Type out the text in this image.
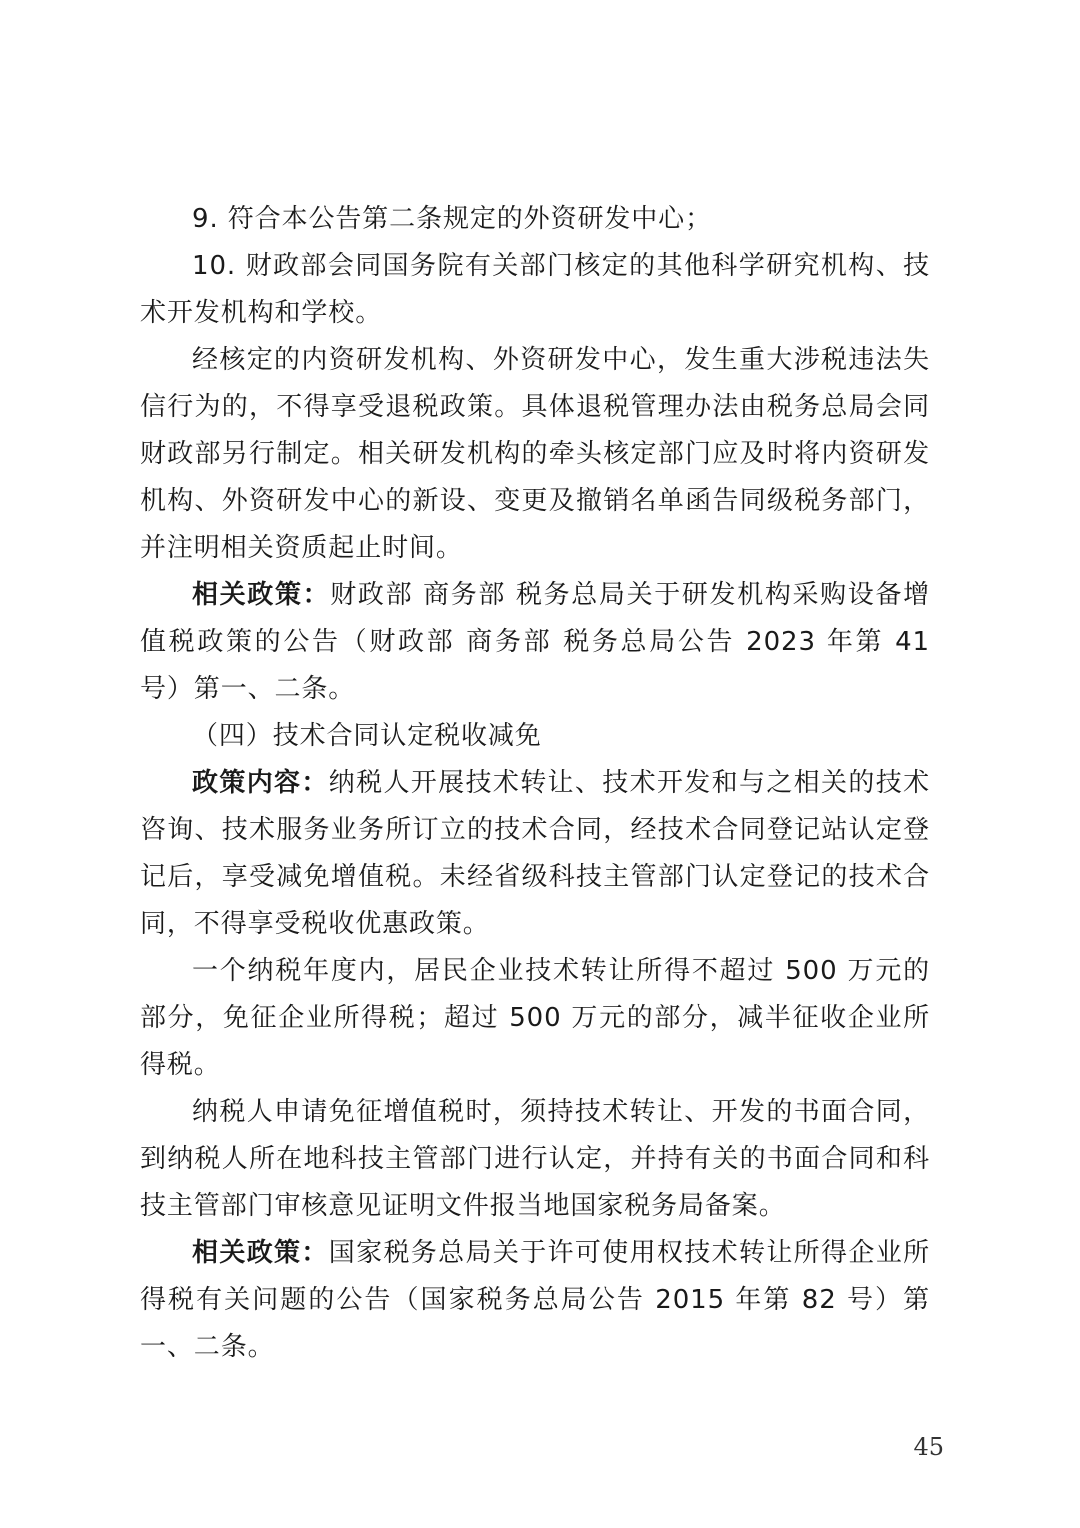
9. 符合本公告第二条规定的外资研发中心；

10. 财政部会同国务院有关部门核定的其他科学研究机构、技术开发机构和学校。

经核定的内资研发机构、外资研发中心，发生重大涉税违法失信行为的，不得享受退税政策。具体退税管理办法由税务总局会同财政部另行制定。相关研发机构的牵头核定部门应及时将内资研发机构、外资研发中心的新设、变更及撤销名单函告同级税务部门，并注明相关资质起止时间。

相关政策：财政部 商务部 税务总局关于研发机构采购设备增值税政策的公告（财政部 商务部 税务总局公告 2023 年第 41 号）第一、二条。

（四）技术合同认定税收减免

政策内容：纳税人开展技术转让、技术开发和与之相关的技术咨询、技术服务业务所订立的技术合同，经技术合同登记站认定登记后，享受减免增值税。未经省级科技主管部门认定登记的技术合同，不得享受税收优惠政策。

一个纳税年度内，居民企业技术转让所得不超过 500 万元的部分，免征企业所得税；超过 500 万元的部分，减半征收企业所得税。

纳税人申请免征增值税时，须持技术转让、开发的书面合同，到纳税人所在地科技主管部门进行认定，并持有关的书面合同和科技主管部门审核意见证明文件报当地国家税务局备案。

相关政策：国家税务总局关于许可使用权技术转让所得企业所得税有关问题的公告（国家税务总局公告 2015 年第 82 号）第一、二条。

45
